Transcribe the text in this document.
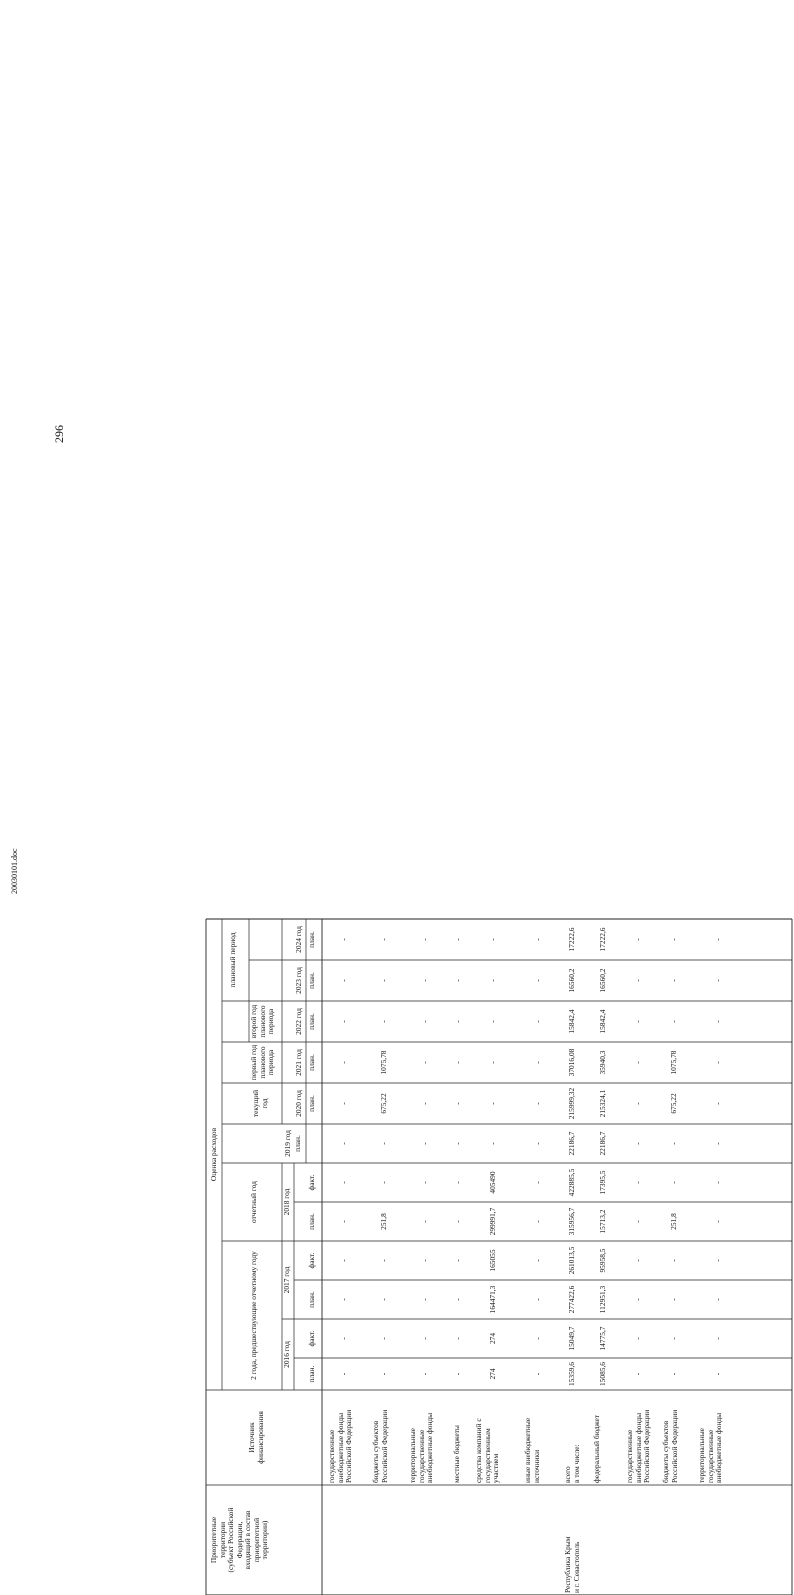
296
20030101.doc
Приоритетные
территории
(субъект Российской
Федерации,
входящий в состав
приоритетной
территории)
Источник
финансирования
Оценка расходов
2 года, предшествующие отчетному году
отчетный год
текущий
год
первый год
планового
периода
второй год
планового
периода
плановый период
2016 год
2017 год
2018 год
2019 год
2020 год
2021 год
2022 год
2023 год
2024 год
план.
факт.
план.
факт.
план.
факт.
план.
план.
план.
план.
план.
план.
государственные
внебюджетные фонды
Российской Федерации
-
-
-
-
-
-
-
-
-
-
-
-
бюджеты субъектов
Российской Федерации
-
-
-
-
251,8
-
-
675,22
1075,78
-
-
-
территориальные
государственные
внебюджетные фонды
-
-
-
-
-
-
-
-
-
-
-
-
местные бюджеты
-
-
-
-
-
-
-
-
-
-
-
-
средства компаний с
государственным
участием
274
274
164471,3
165055
299991,7
405490
-
-
-
-
-
-
иные внебюджетные
источники
-
-
-
-
-
-
-
-
-
-
-
-
Республика Крым
и г. Севастополь
всего
в том числе:
15359,6
15049,7
277422,6
261013,5
315956,7
422885,5
22186,7
215999,32
37016,08
15842,4
16560,2
17222,6
федеральный бюджет
15085,6
14775,7
112951,3
95958,5
15713,2
17395,5
22186,7
215324,1
35940,3
15842,4
16560,2
17222,6
государственные
внебюджетные фонды
Российской Федерации
-
-
-
-
-
-
-
-
-
-
-
-
бюджеты субъектов
Российской Федерации
-
-
-
-
251,8
-
-
675,22
1075,78
-
-
-
территориальные
государственные
внебюджетные фонды
-
-
-
-
-
-
-
-
-
-
-
-
